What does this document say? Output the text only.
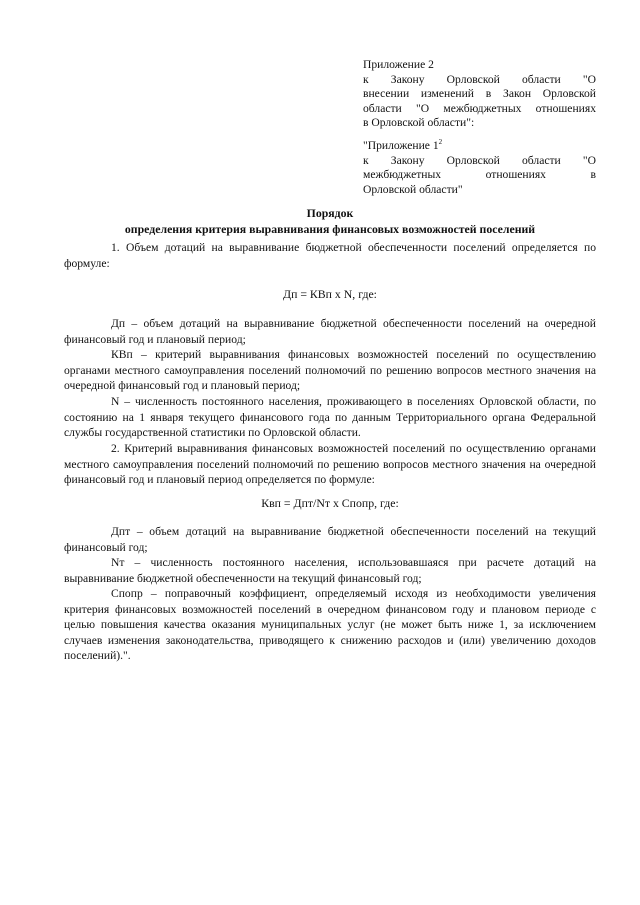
Приложение 2
к Закону Орловской области "О
внесении изменений в Закон Орловской
области "О межбюджетных отношениях
в Орловской области":
"Приложение $1^2$
к Закону Орловской области "О
межбюджетных отношениях в
Орловской области"
Порядок
определения критерия выравнивания финансовых возможностей поселений
1. Объем дотаций на выравнивание бюджетной обеспеченности поселений определяется по формуле:
Дп = КВп х N, где:
Дп – объем дотаций на выравнивание бюджетной обеспеченности поселений на очередной финансовый год и плановый период;
КВп – критерий выравнивания финансовых возможностей поселений по осуществлению органами местного самоуправления поселений полномочий по решению вопросов местного значения на очередной финансовый год и плановый период;
N – численность постоянного населения, проживающего в поселениях Орловской области, по состоянию на 1 января текущего финансового года по данным Территориального органа Федеральной службы государственной статистики по Орловской области.
2. Критерий выравнивания финансовых возможностей поселений по осуществлению органами местного самоуправления поселений полномочий по решению вопросов местного значения на очередной финансовый год и плановый период определяется по формуле:
Квп = Дпт/Nт х Спопр, где:
Дпт – объем дотаций на выравнивание бюджетной обеспеченности поселений на текущий финансовый год;
Nт – численность постоянного населения, использовавшаяся при расчете дотаций на выравнивание бюджетной обеспеченности на текущий финансовый год;
Спопр – поправочный коэффициент, определяемый исходя из необходимости увеличения критерия финансовых возможностей поселений в очередном финансовом году и плановом периоде с целью повышения качества оказания муниципальных услуг (не может быть ниже 1, за исключением случаев изменения законодательства, приводящего к снижению расходов и (или) увеличению доходов поселений).".
